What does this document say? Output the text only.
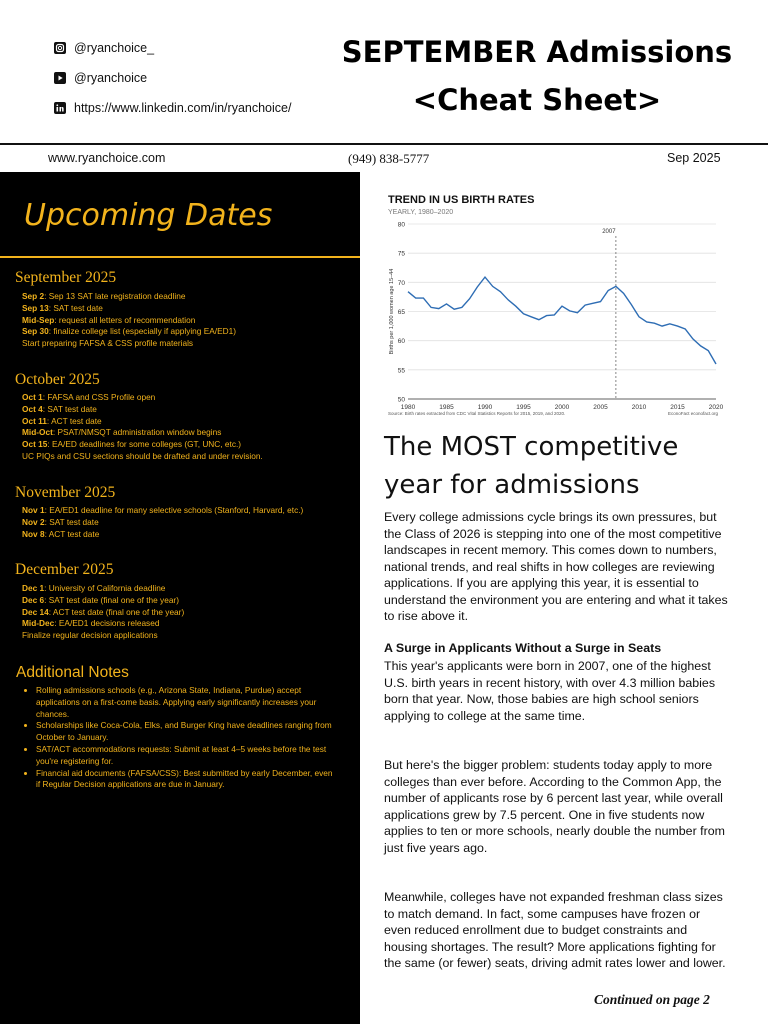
@ryanchoice_
@ryanchoice
https://www.linkedin.com/in/ryanchoice/
SEPTEMBER Admissions
<Cheat Sheet>
www.ryanchoice.com	(949) 838-5777	Sep 2025
Upcoming Dates
September 2025
Sep 2: Sep 13 SAT late registration deadline
Sep 13: SAT test date
Mid-Sep: request all letters of recommendation
Sep 30: finalize college list (especially if applying EA/ED1)
Start preparing FAFSA & CSS profile materials
October 2025
Oct 1: FAFSA and CSS Profile open
Oct 4: SAT test date
Oct 11: ACT test date
Mid-Oct: PSAT/NMSQT administration window begins
Oct 15: EA/ED deadlines for some colleges (GT, UNC, etc.)
UC PIQs and CSU sections should be drafted and under revision.
November 2025
Nov 1: EA/ED1 deadline for many selective schools (Stanford, Harvard, etc.)
Nov 2: SAT test date
Nov 8: ACT test date
December 2025
Dec 1: University of California deadline
Dec 6: SAT test date (final one of the year)
Dec 14: ACT test date (final one of the year)
Mid-Dec: EA/ED1 decisions released
Finalize regular decision applications
Additional Notes
• Rolling admissions schools (e.g., Arizona State, Indiana, Purdue) accept applications on a first-come basis. Applying early significantly increases your chances.
• Scholarships like Coca-Cola, Elks, and Burger King have deadlines ranging from October to January.
• SAT/ACT accommodations requests: Submit at least 4–5 weeks before the test you're registering for.
• Financial aid documents (FAFSA/CSS): Best submitted by early December, even if Regular Decision applications are due in January.
TREND IN US BIRTH RATES
YEARLY, 1980–2020
50
55
60
65
70
75
80
1980	1985	1990	1995	2000	2005	2010	2015	2020
Births per 1,000 women age 15–44
2007
Source: Birth rates extracted from CDC Vital Statistics Reports for 2015, 2019, and 2020.	EconoFact econofact.org
The MOST competitive year for admissions
Every college admissions cycle brings its own pressures, but the Class of 2026 is stepping into one of the most competitive landscapes in recent memory. This comes down to numbers, national trends, and real shifts in how colleges are reviewing applications. If you are applying this year, it is essential to understand the environment you are entering and what it takes to rise above it.
A Surge in Applicants Without a Surge in Seats
This year's applicants were born in 2007, one of the highest U.S. birth years in recent history, with over 4.3 million babies born that year. Now, those babies are high school seniors applying to college at the same time.
But here's the bigger problem: students today apply to more colleges than ever before. According to the Common App, the number of applicants rose by 6 percent last year, while overall applications grew by 7.5 percent. One in five students now applies to ten or more schools, nearly double the number from just five years ago.
Meanwhile, colleges have not expanded freshman class sizes to match demand. In fact, some campuses have frozen or even reduced enrollment due to budget constraints and housing shortages. The result? More applications fighting for the same (or fewer) seats, driving admit rates lower and lower.
Continued on page 2
